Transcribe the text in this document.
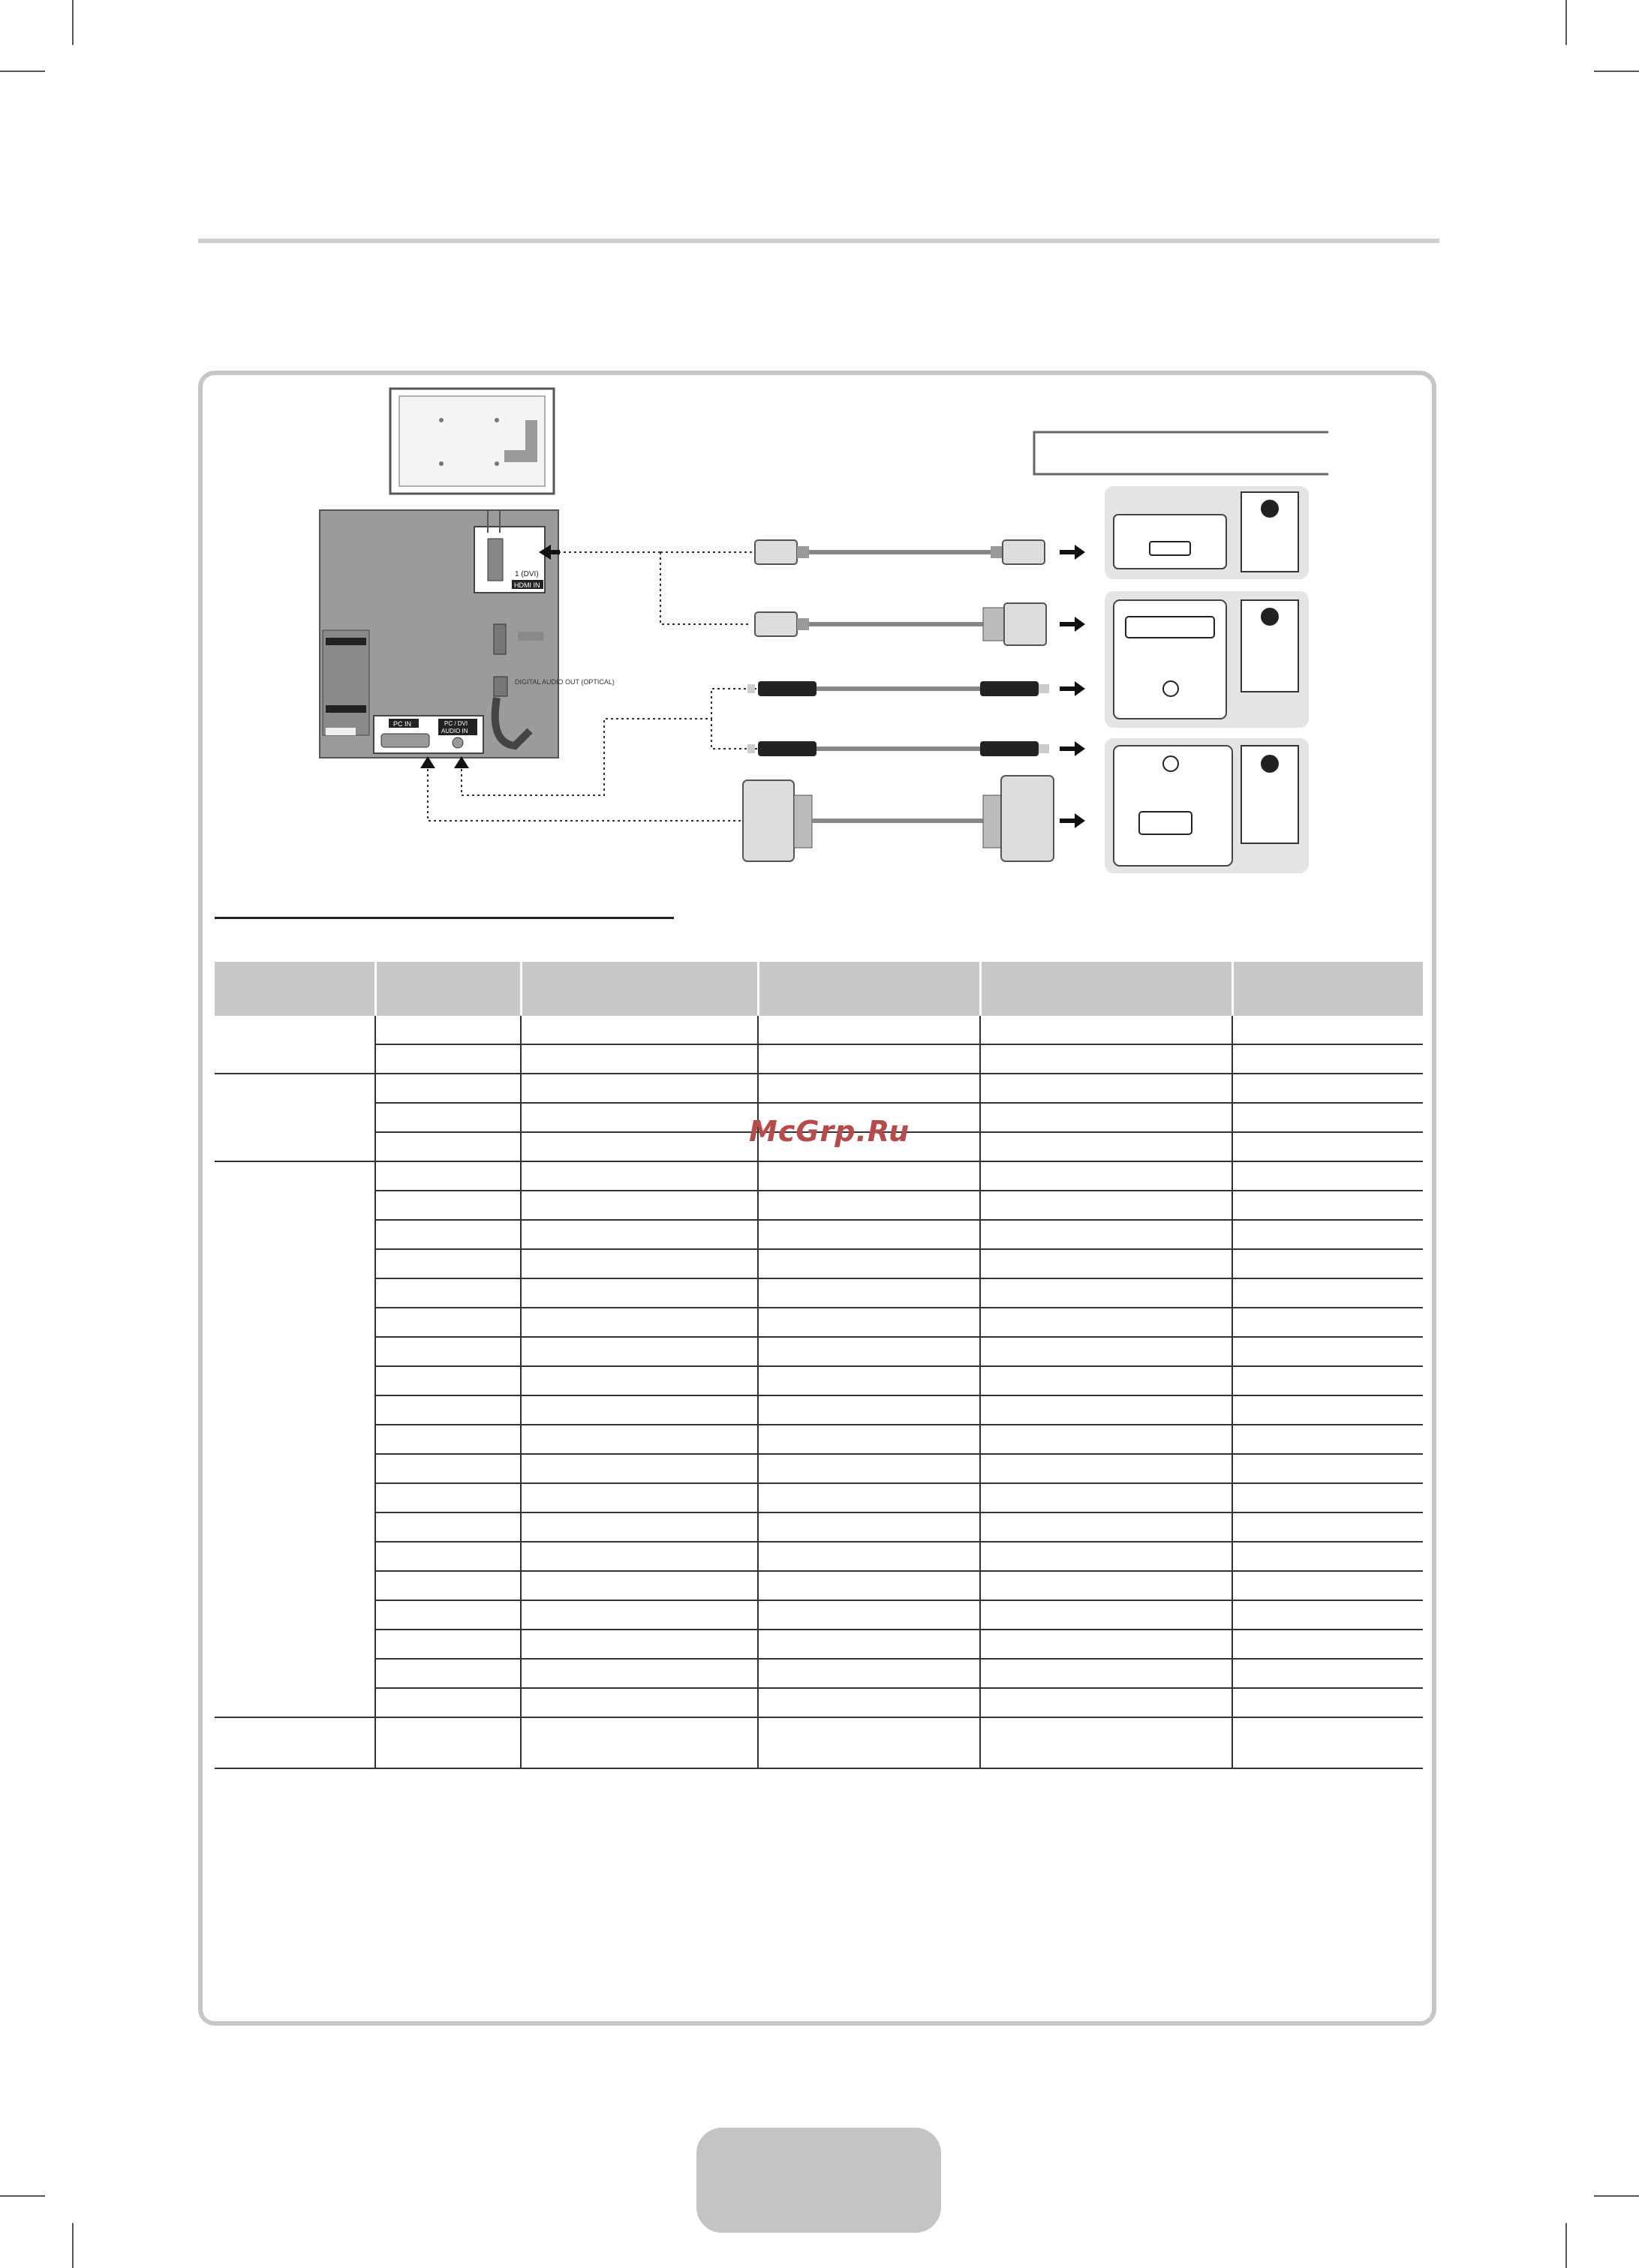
1 (DVI)
HDMI IN
DIGITAL AUDIO OUT (OPTICAL)
PC IN	PC / DVI
AUDIO IN

McGrp.Ru
